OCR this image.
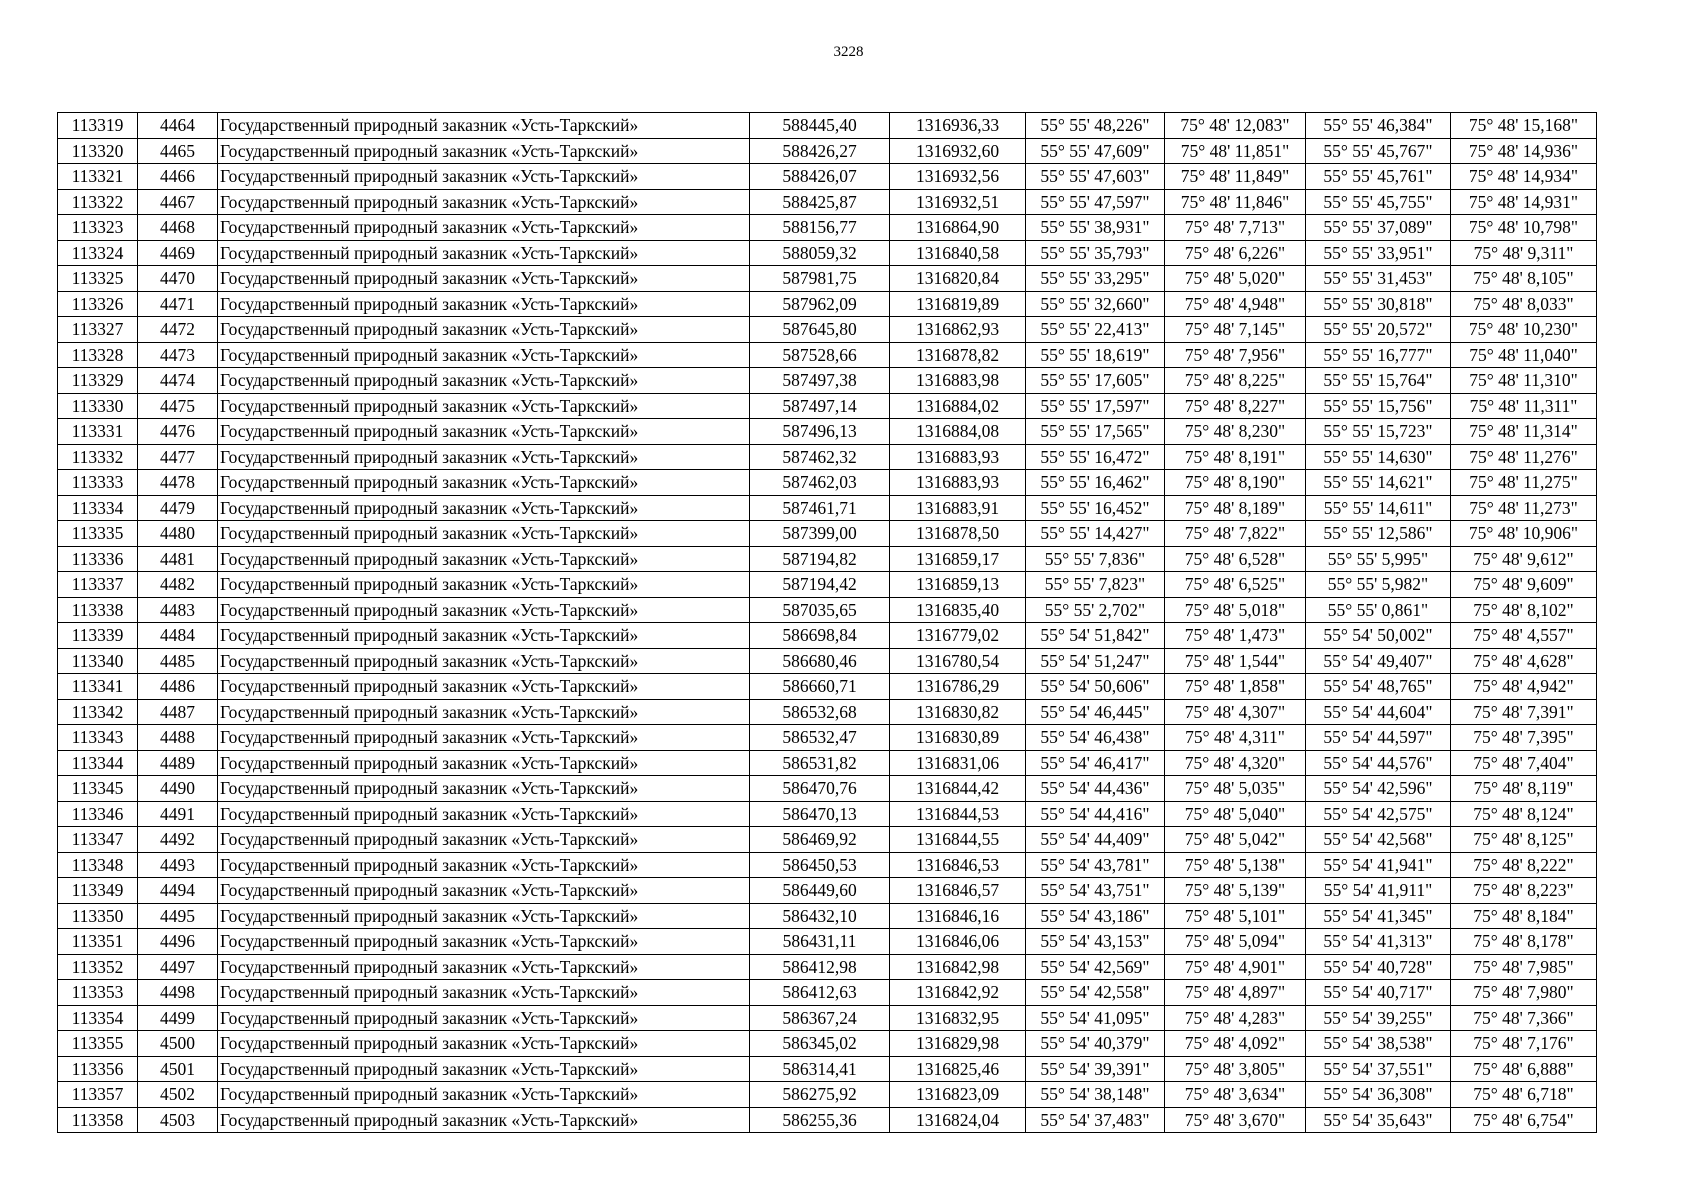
3228
113319	4464	Государственный природный заказник «Усть-Таркский»	588445,40	1316936,33	55° 55' 48,226"	75° 48' 12,083"	55° 55' 46,384"	75° 48' 15,168"
113320	4465	Государственный природный заказник «Усть-Таркский»	588426,27	1316932,60	55° 55' 47,609"	75° 48' 11,851"	55° 55' 45,767"	75° 48' 14,936"
113321	4466	Государственный природный заказник «Усть-Таркский»	588426,07	1316932,56	55° 55' 47,603"	75° 48' 11,849"	55° 55' 45,761"	75° 48' 14,934"
113322	4467	Государственный природный заказник «Усть-Таркский»	588425,87	1316932,51	55° 55' 47,597"	75° 48' 11,846"	55° 55' 45,755"	75° 48' 14,931"
113323	4468	Государственный природный заказник «Усть-Таркский»	588156,77	1316864,90	55° 55' 38,931"	75° 48' 7,713"	55° 55' 37,089"	75° 48' 10,798"
113324	4469	Государственный природный заказник «Усть-Таркский»	588059,32	1316840,58	55° 55' 35,793"	75° 48' 6,226"	55° 55' 33,951"	75° 48' 9,311"
113325	4470	Государственный природный заказник «Усть-Таркский»	587981,75	1316820,84	55° 55' 33,295"	75° 48' 5,020"	55° 55' 31,453"	75° 48' 8,105"
113326	4471	Государственный природный заказник «Усть-Таркский»	587962,09	1316819,89	55° 55' 32,660"	75° 48' 4,948"	55° 55' 30,818"	75° 48' 8,033"
113327	4472	Государственный природный заказник «Усть-Таркский»	587645,80	1316862,93	55° 55' 22,413"	75° 48' 7,145"	55° 55' 20,572"	75° 48' 10,230"
113328	4473	Государственный природный заказник «Усть-Таркский»	587528,66	1316878,82	55° 55' 18,619"	75° 48' 7,956"	55° 55' 16,777"	75° 48' 11,040"
113329	4474	Государственный природный заказник «Усть-Таркский»	587497,38	1316883,98	55° 55' 17,605"	75° 48' 8,225"	55° 55' 15,764"	75° 48' 11,310"
113330	4475	Государственный природный заказник «Усть-Таркский»	587497,14	1316884,02	55° 55' 17,597"	75° 48' 8,227"	55° 55' 15,756"	75° 48' 11,311"
113331	4476	Государственный природный заказник «Усть-Таркский»	587496,13	1316884,08	55° 55' 17,565"	75° 48' 8,230"	55° 55' 15,723"	75° 48' 11,314"
113332	4477	Государственный природный заказник «Усть-Таркский»	587462,32	1316883,93	55° 55' 16,472"	75° 48' 8,191"	55° 55' 14,630"	75° 48' 11,276"
113333	4478	Государственный природный заказник «Усть-Таркский»	587462,03	1316883,93	55° 55' 16,462"	75° 48' 8,190"	55° 55' 14,621"	75° 48' 11,275"
113334	4479	Государственный природный заказник «Усть-Таркский»	587461,71	1316883,91	55° 55' 16,452"	75° 48' 8,189"	55° 55' 14,611"	75° 48' 11,273"
113335	4480	Государственный природный заказник «Усть-Таркский»	587399,00	1316878,50	55° 55' 14,427"	75° 48' 7,822"	55° 55' 12,586"	75° 48' 10,906"
113336	4481	Государственный природный заказник «Усть-Таркский»	587194,82	1316859,17	55° 55' 7,836"	75° 48' 6,528"	55° 55' 5,995"	75° 48' 9,612"
113337	4482	Государственный природный заказник «Усть-Таркский»	587194,42	1316859,13	55° 55' 7,823"	75° 48' 6,525"	55° 55' 5,982"	75° 48' 9,609"
113338	4483	Государственный природный заказник «Усть-Таркский»	587035,65	1316835,40	55° 55' 2,702"	75° 48' 5,018"	55° 55' 0,861"	75° 48' 8,102"
113339	4484	Государственный природный заказник «Усть-Таркский»	586698,84	1316779,02	55° 54' 51,842"	75° 48' 1,473"	55° 54' 50,002"	75° 48' 4,557"
113340	4485	Государственный природный заказник «Усть-Таркский»	586680,46	1316780,54	55° 54' 51,247"	75° 48' 1,544"	55° 54' 49,407"	75° 48' 4,628"
113341	4486	Государственный природный заказник «Усть-Таркский»	586660,71	1316786,29	55° 54' 50,606"	75° 48' 1,858"	55° 54' 48,765"	75° 48' 4,942"
113342	4487	Государственный природный заказник «Усть-Таркский»	586532,68	1316830,82	55° 54' 46,445"	75° 48' 4,307"	55° 54' 44,604"	75° 48' 7,391"
113343	4488	Государственный природный заказник «Усть-Таркский»	586532,47	1316830,89	55° 54' 46,438"	75° 48' 4,311"	55° 54' 44,597"	75° 48' 7,395"
113344	4489	Государственный природный заказник «Усть-Таркский»	586531,82	1316831,06	55° 54' 46,417"	75° 48' 4,320"	55° 54' 44,576"	75° 48' 7,404"
113345	4490	Государственный природный заказник «Усть-Таркский»	586470,76	1316844,42	55° 54' 44,436"	75° 48' 5,035"	55° 54' 42,596"	75° 48' 8,119"
113346	4491	Государственный природный заказник «Усть-Таркский»	586470,13	1316844,53	55° 54' 44,416"	75° 48' 5,040"	55° 54' 42,575"	75° 48' 8,124"
113347	4492	Государственный природный заказник «Усть-Таркский»	586469,92	1316844,55	55° 54' 44,409"	75° 48' 5,042"	55° 54' 42,568"	75° 48' 8,125"
113348	4493	Государственный природный заказник «Усть-Таркский»	586450,53	1316846,53	55° 54' 43,781"	75° 48' 5,138"	55° 54' 41,941"	75° 48' 8,222"
113349	4494	Государственный природный заказник «Усть-Таркский»	586449,60	1316846,57	55° 54' 43,751"	75° 48' 5,139"	55° 54' 41,911"	75° 48' 8,223"
113350	4495	Государственный природный заказник «Усть-Таркский»	586432,10	1316846,16	55° 54' 43,186"	75° 48' 5,101"	55° 54' 41,345"	75° 48' 8,184"
113351	4496	Государственный природный заказник «Усть-Таркский»	586431,11	1316846,06	55° 54' 43,153"	75° 48' 5,094"	55° 54' 41,313"	75° 48' 8,178"
113352	4497	Государственный природный заказник «Усть-Таркский»	586412,98	1316842,98	55° 54' 42,569"	75° 48' 4,901"	55° 54' 40,728"	75° 48' 7,985"
113353	4498	Государственный природный заказник «Усть-Таркский»	586412,63	1316842,92	55° 54' 42,558"	75° 48' 4,897"	55° 54' 40,717"	75° 48' 7,980"
113354	4499	Государственный природный заказник «Усть-Таркский»	586367,24	1316832,95	55° 54' 41,095"	75° 48' 4,283"	55° 54' 39,255"	75° 48' 7,366"
113355	4500	Государственный природный заказник «Усть-Таркский»	586345,02	1316829,98	55° 54' 40,379"	75° 48' 4,092"	55° 54' 38,538"	75° 48' 7,176"
113356	4501	Государственный природный заказник «Усть-Таркский»	586314,41	1316825,46	55° 54' 39,391"	75° 48' 3,805"	55° 54' 37,551"	75° 48' 6,888"
113357	4502	Государственный природный заказник «Усть-Таркский»	586275,92	1316823,09	55° 54' 38,148"	75° 48' 3,634"	55° 54' 36,308"	75° 48' 6,718"
113358	4503	Государственный природный заказник «Усть-Таркский»	586255,36	1316824,04	55° 54' 37,483"	75° 48' 3,670"	55° 54' 35,643"	75° 48' 6,754"
